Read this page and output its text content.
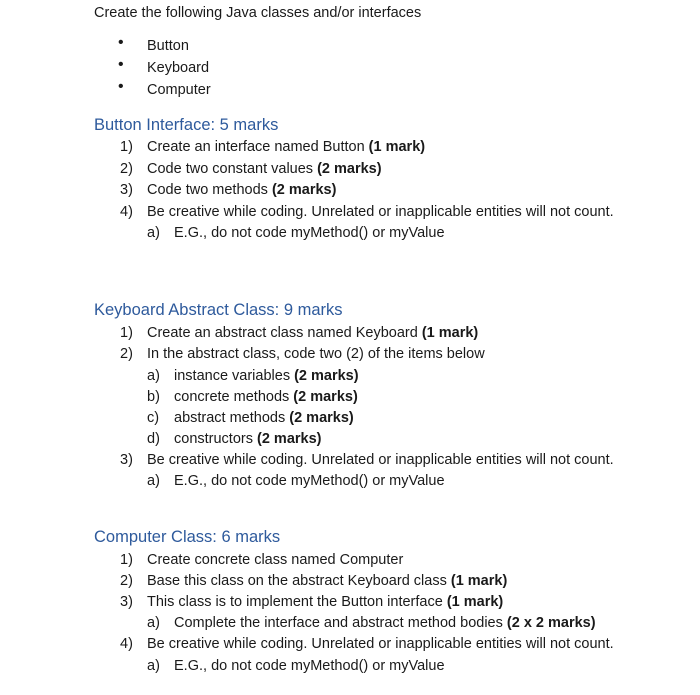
Create the following Java classes and/or interfaces
• Button
• Keyboard
• Computer
Button Interface: 5 marks
1) Create an interface named Button (1 mark)
2) Code two constant values (2 marks)
3) Code two methods (2 marks)
4) Be creative while coding. Unrelated or inapplicable entities will not count.
a) E.G., do not code myMethod() or myValue
Keyboard Abstract Class: 9 marks
1) Create an abstract class named Keyboard (1 mark)
2) In the abstract class, code two (2) of the items below
a) instance variables (2 marks)
b) concrete methods (2 marks)
c) abstract methods (2 marks)
d) constructors (2 marks)
3) Be creative while coding. Unrelated or inapplicable entities will not count.
a) E.G., do not code myMethod() or myValue
Computer Class: 6 marks
1) Create concrete class named Computer
2) Base this class on the abstract Keyboard class (1 mark)
3) This class is to implement the Button interface (1 mark)
a) Complete the interface and abstract method bodies (2 x 2 marks)
4) Be creative while coding. Unrelated or inapplicable entities will not count.
a) E.G., do not code myMethod() or myValue
